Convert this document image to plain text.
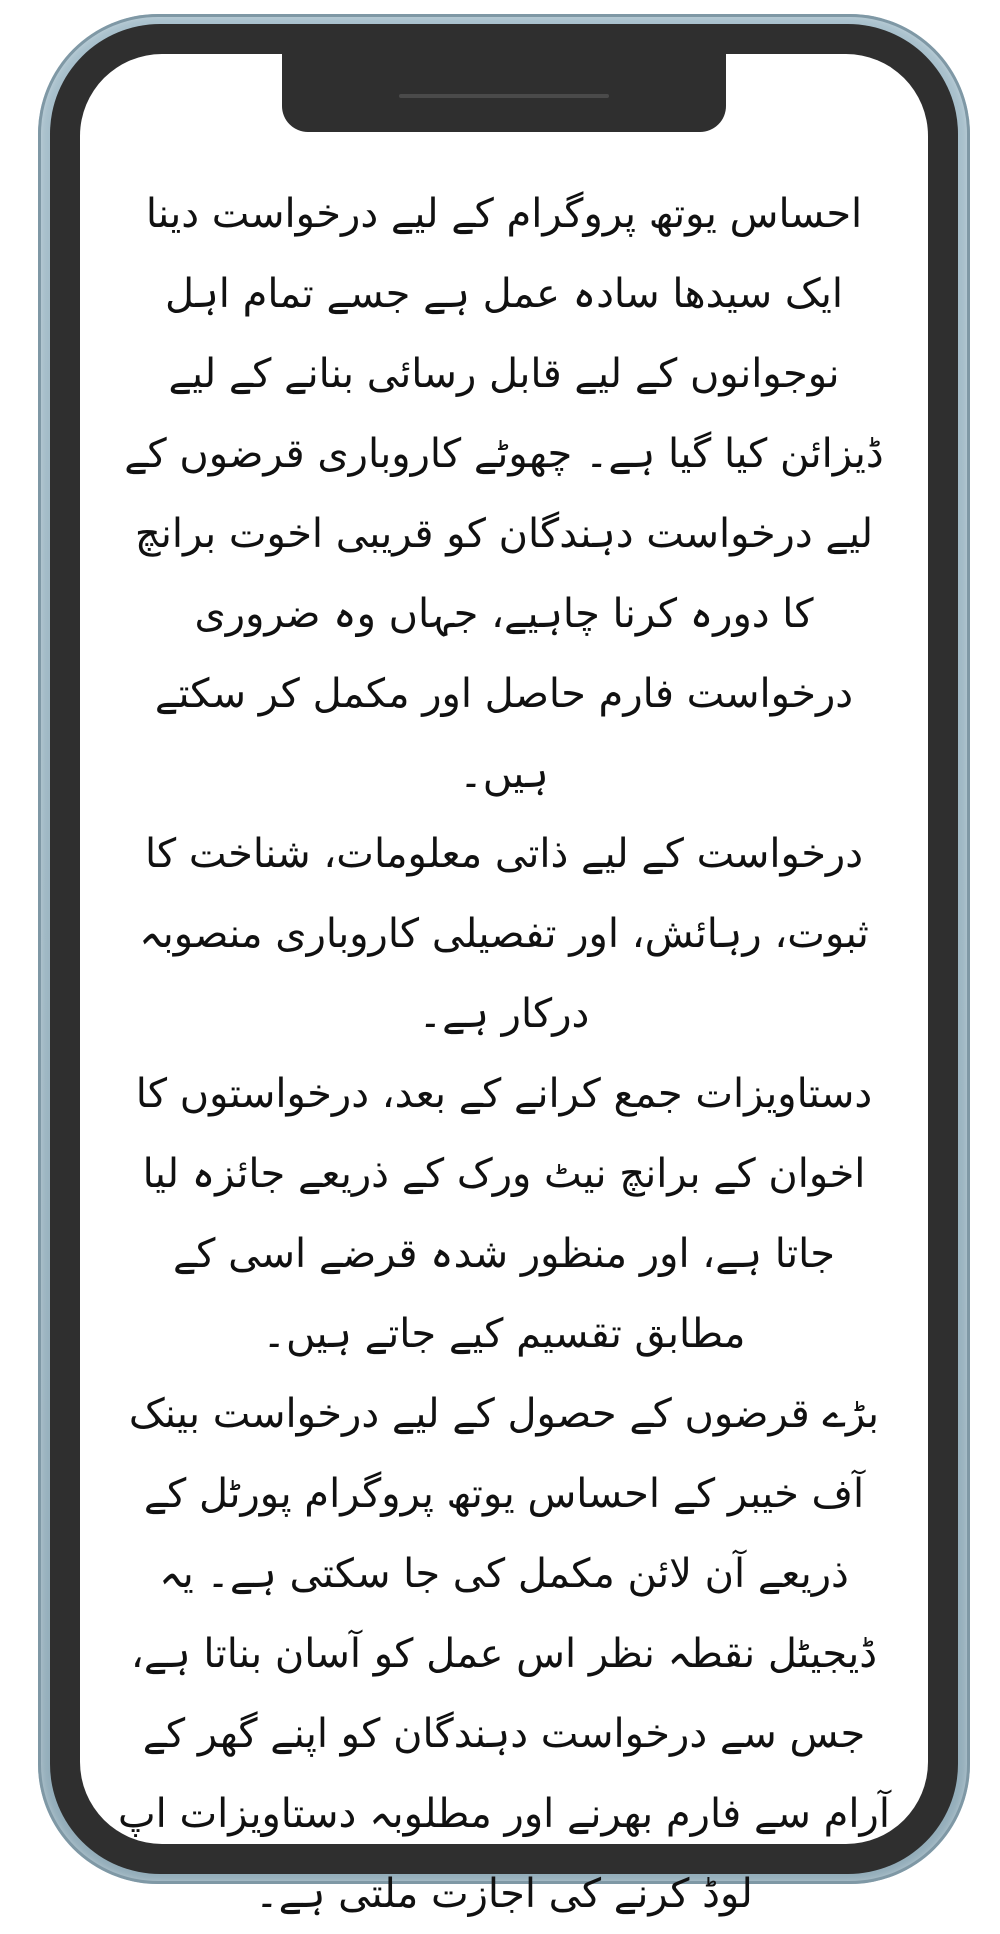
احساس یوتھ پروگرام کے لیے درخواست دینا ایک سیدھا سادہ عمل ہے جسے تمام اہل نوجوانوں کے لیے قابل رسائی بنانے کے لیے ڈیزائن کیا گیا ہے۔ چھوٹے کاروباری قرضوں کے لیے درخواست دہندگان کو قریبی اخوت برانچ کا دورہ کرنا چاہیے، جہاں وہ ضروری درخواست فارم حاصل اور مکمل کر سکتے ہیں۔

درخواست کے لیے ذاتی معلومات، شناخت کا ثبوت، رہائش، اور تفصیلی کاروباری منصوبہ درکار ہے۔

دستاویزات جمع کرانے کے بعد، درخواستوں کا اخوان کے برانچ نیٹ ورک کے ذریعے جائزہ لیا جاتا ہے، اور منظور شدہ قرضے اسی کے مطابق تقسیم کیے جاتے ہیں۔

بڑے قرضوں کے حصول کے لیے درخواست بینک آف خیبر کے احساس یوتھ پروگرام پورٹل کے ذریعے آن لائن مکمل کی جا سکتی ہے۔ یہ ڈیجیٹل نقطہ نظر اس عمل کو آسان بناتا ہے، جس سے درخواست دہندگان کو اپنے گھر کے آرام سے فارم بھرنے اور مطلوبہ دستاویزات اپ لوڈ کرنے کی اجازت ملتی ہے۔
